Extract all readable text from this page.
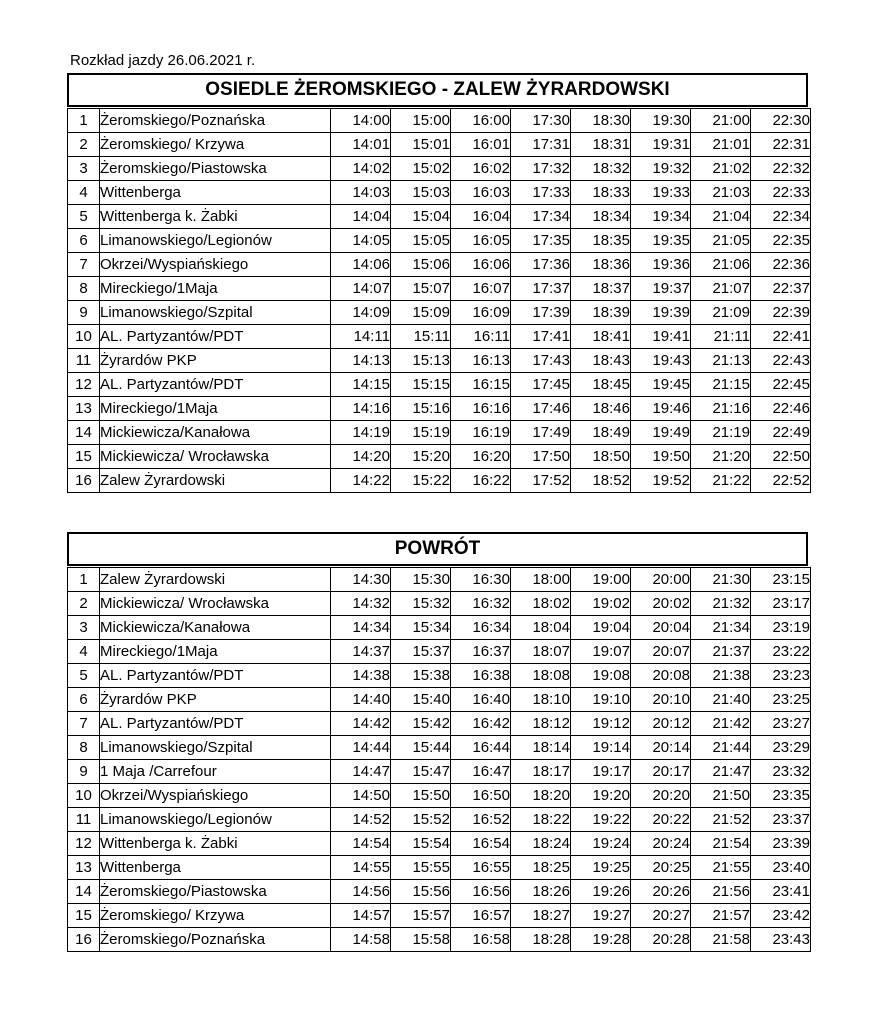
Rozkład jazdy 26.06.2021 r.
OSIEDLE ŻEROMSKIEGO - ZALEW ŻYRARDOWSKI
1	Żeromskiego/Poznańska	14:00	15:00	16:00	17:30	18:30	19:30	21:00	22:30
2	Żeromskiego/ Krzywa	14:01	15:01	16:01	17:31	18:31	19:31	21:01	22:31
3	Żeromskiego/Piastowska	14:02	15:02	16:02	17:32	18:32	19:32	21:02	22:32
4	Wittenberga	14:03	15:03	16:03	17:33	18:33	19:33	21:03	22:33
5	Wittenberga k. Żabki	14:04	15:04	16:04	17:34	18:34	19:34	21:04	22:34
6	Limanowskiego/Legionów	14:05	15:05	16:05	17:35	18:35	19:35	21:05	22:35
7	Okrzei/Wyspiańskiego	14:06	15:06	16:06	17:36	18:36	19:36	21:06	22:36
8	Mireckiego/1Maja	14:07	15:07	16:07	17:37	18:37	19:37	21:07	22:37
9	Limanowskiego/Szpital	14:09	15:09	16:09	17:39	18:39	19:39	21:09	22:39
10	AL. Partyzantów/PDT	14:11	15:11	16:11	17:41	18:41	19:41	21:11	22:41
11	Żyrardów PKP	14:13	15:13	16:13	17:43	18:43	19:43	21:13	22:43
12	AL. Partyzantów/PDT	14:15	15:15	16:15	17:45	18:45	19:45	21:15	22:45
13	Mireckiego/1Maja	14:16	15:16	16:16	17:46	18:46	19:46	21:16	22:46
14	Mickiewicza/Kanałowa	14:19	15:19	16:19	17:49	18:49	19:49	21:19	22:49
15	Mickiewicza/ Wrocławska	14:20	15:20	16:20	17:50	18:50	19:50	21:20	22:50
16	Zalew Żyrardowski	14:22	15:22	16:22	17:52	18:52	19:52	21:22	22:52
POWRÓT
1	Zalew Żyrardowski	14:30	15:30	16:30	18:00	19:00	20:00	21:30	23:15
2	Mickiewicza/ Wrocławska	14:32	15:32	16:32	18:02	19:02	20:02	21:32	23:17
3	Mickiewicza/Kanałowa	14:34	15:34	16:34	18:04	19:04	20:04	21:34	23:19
4	Mireckiego/1Maja	14:37	15:37	16:37	18:07	19:07	20:07	21:37	23:22
5	AL. Partyzantów/PDT	14:38	15:38	16:38	18:08	19:08	20:08	21:38	23:23
6	Żyrardów PKP	14:40	15:40	16:40	18:10	19:10	20:10	21:40	23:25
7	AL. Partyzantów/PDT	14:42	15:42	16:42	18:12	19:12	20:12	21:42	23:27
8	Limanowskiego/Szpital	14:44	15:44	16:44	18:14	19:14	20:14	21:44	23:29
9	1 Maja /Carrefour	14:47	15:47	16:47	18:17	19:17	20:17	21:47	23:32
10	Okrzei/Wyspiańskiego	14:50	15:50	16:50	18:20	19:20	20:20	21:50	23:35
11	Limanowskiego/Legionów	14:52	15:52	16:52	18:22	19:22	20:22	21:52	23:37
12	Wittenberga k. Żabki	14:54	15:54	16:54	18:24	19:24	20:24	21:54	23:39
13	Wittenberga	14:55	15:55	16:55	18:25	19:25	20:25	21:55	23:40
14	Żeromskiego/Piastowska	14:56	15:56	16:56	18:26	19:26	20:26	21:56	23:41
15	Żeromskiego/ Krzywa	14:57	15:57	16:57	18:27	19:27	20:27	21:57	23:42
16	Żeromskiego/Poznańska	14:58	15:58	16:58	18:28	19:28	20:28	21:58	23:43
